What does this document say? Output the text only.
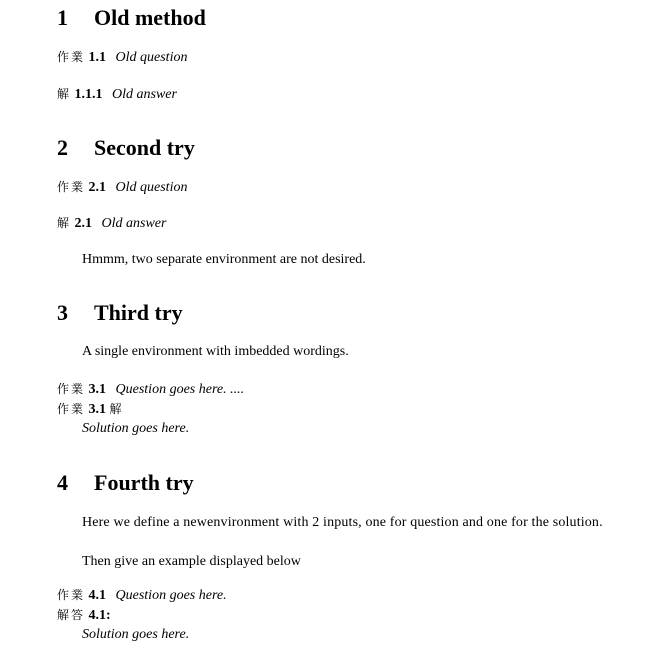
1 Old method
作業 1.1 Old question
解 1.1.1 Old answer
2 Second try
作業 2.1 Old question
解 2.1 Old answer
Hmmm, two separate environment are not desired.
3 Third try
A single environment with imbedded wordings.
作業 3.1 Question goes here. ....
作業 3.1 解
Solution goes here.
4 Fourth try
Here we define a newenvironment with 2 inputs, one for question and one for the solution.
Then give an example displayed below
作業 4.1 Question goes here.
解答 4.1:
Solution goes here.
